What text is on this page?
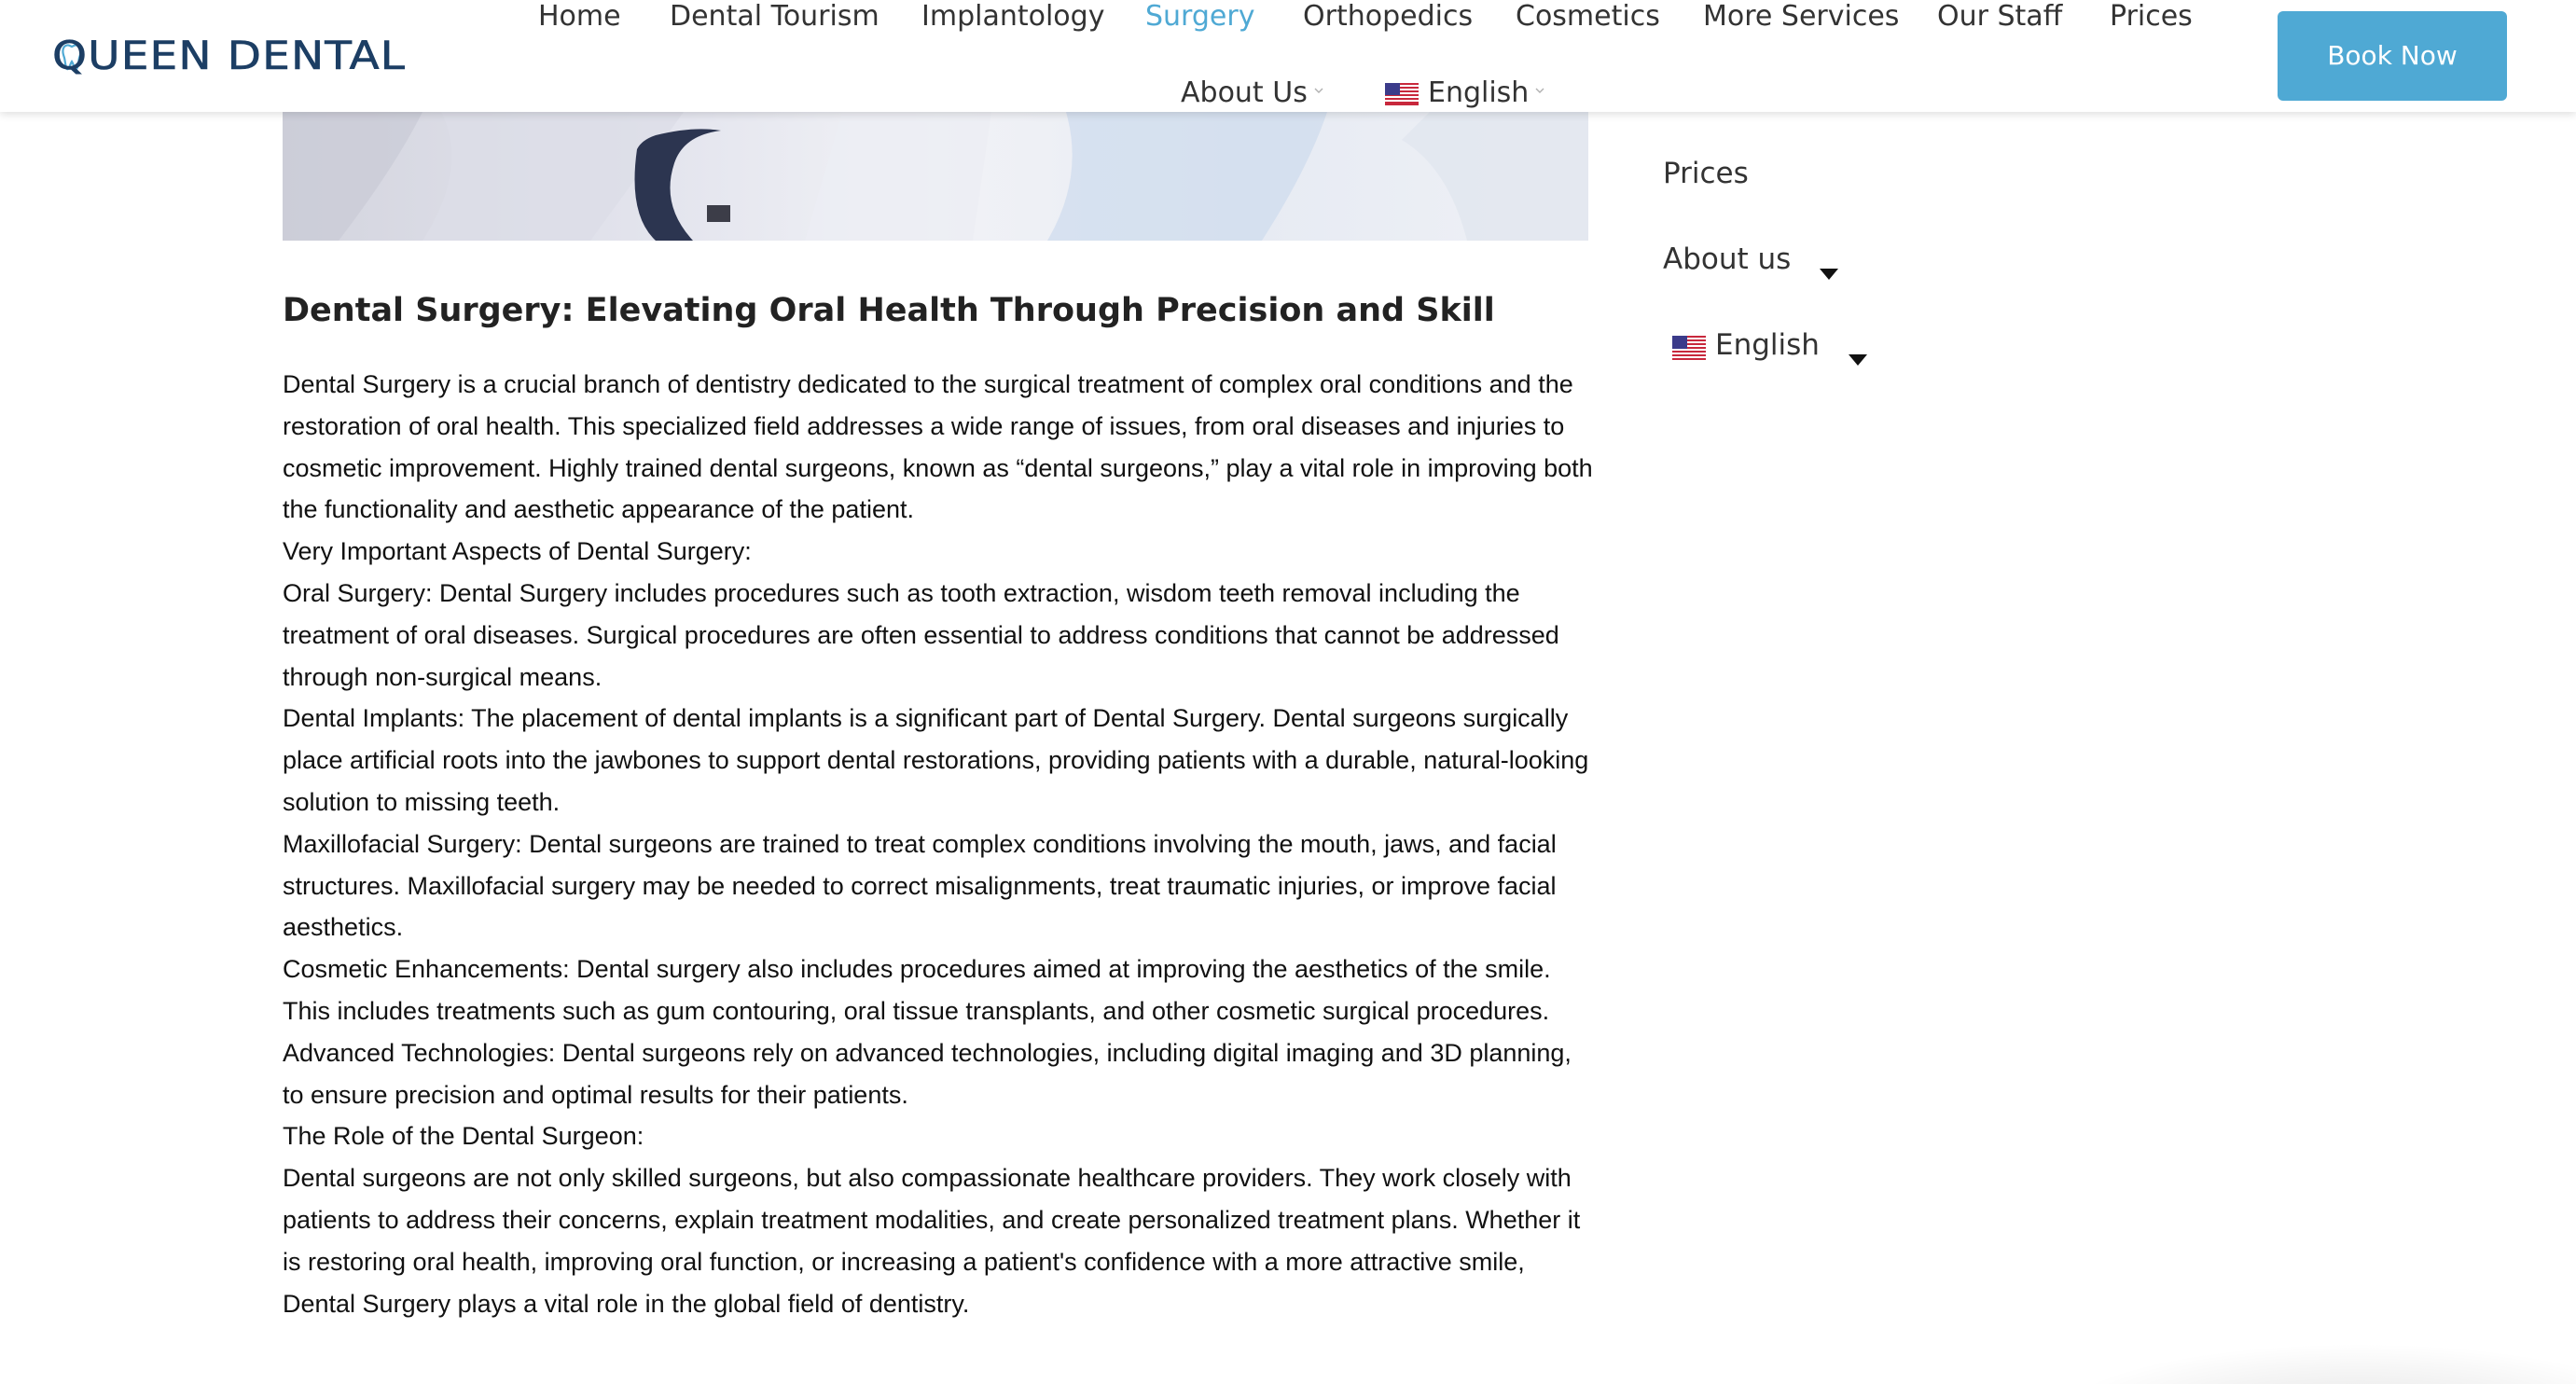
QUEEN DENTAL
Home Dental Tourism Implantology Surgery Orthopedics Cosmetics More Services Our Staff Prices
About Us	English
Book Now
Dental Surgery: Elevating Oral Health Through Precision and Skill

Dental Surgery is a crucial branch of dentistry dedicated to the surgical treatment of complex oral conditions and the restoration of oral health. This specialized field addresses a wide range of issues, from oral diseases and injuries to cosmetic improvement. Highly trained dental surgeons, known as “dental surgeons,” play a vital role in improving both the functionality and aesthetic appearance of the patient.

Very Important Aspects of Dental Surgery:

Oral Surgery: Dental Surgery includes procedures such as tooth extraction, wisdom teeth removal including the treatment of oral diseases. Surgical procedures are often essential to address conditions that cannot be addressed through non-surgical means.

Dental Implants: The placement of dental implants is a significant part of Dental Surgery. Dental surgeons surgically place artificial roots into the jawbones to support dental restorations, providing patients with a durable, natural-looking solution to missing teeth.

Maxillofacial Surgery: Dental surgeons are trained to treat complex conditions involving the mouth, jaws, and facial structures. Maxillofacial surgery may be needed to correct misalignments, treat traumatic injuries, or improve facial aesthetics.

Cosmetic Enhancements: Dental surgery also includes procedures aimed at improving the aesthetics of the smile. This includes treatments such as gum contouring, oral tissue transplants, and other cosmetic surgical procedures.

Advanced Technologies: Dental surgeons rely on advanced technologies, including digital imaging and 3D planning, to ensure precision and optimal results for their patients.

The Role of the Dental Surgeon:

Dental surgeons are not only skilled surgeons, but also compassionate healthcare providers. They work closely with patients to address their concerns, explain treatment modalities, and create personalized treatment plans. Whether it is restoring oral health, improving oral function, or increasing a patient's confidence with a more attractive smile, Dental Surgery plays a vital role in the global field of dentistry.

Prices
About us
English
